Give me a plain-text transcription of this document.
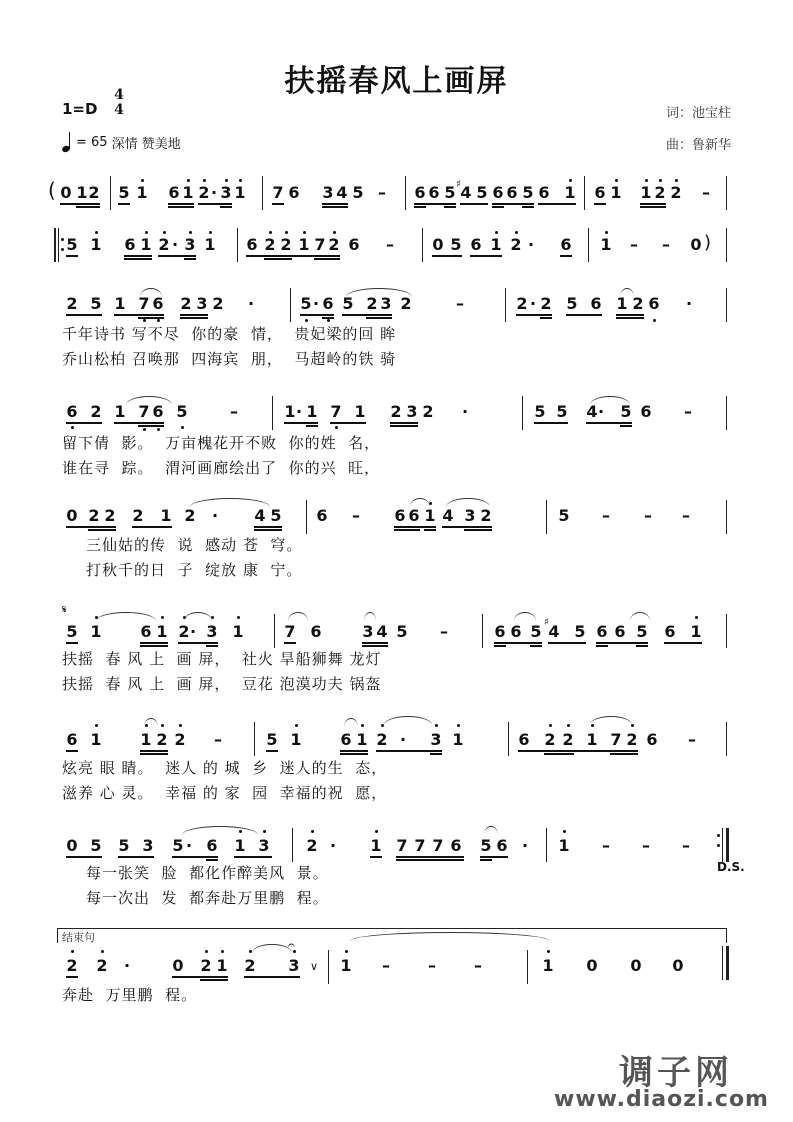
扶摇春风上画屏
1=D
4
4
= 65 深情 赞美地
词：池宝柱
曲：鲁新华
( 0 1 2 5 1 6 1 2 · 3 1 7 6 3 4 5 – 6 6 5 ♯ 4 5 6 6 5 6 1 6 1 1 2 2 –
5 1 6 1 2 · 3 1 6 2 2 1 7 2 6 – 0 5 6 1 2 · 6 1 – – 0 )
2 5 1 7 6 2 3 2 ·	5 · 6 5 2 3 2	–	2 · 2 5 6 1 2 6 ·
千年诗书 写不尽  你的豪  情，  贵妃梁的回 眸
乔山松柏 召唤那  四海宾  朋，  马超岭的铁 骑
6 2 1 7 6 5	–	1 · 1 7 1 2 3 2 ·	5 5 4 · 5 6 –
留下倩  影。  万亩槐花开不败  你的姓  名，
谁在寻  踪。  渭河画廊绘出了  你的兴  旺，
0 2 2 2 1 2 · 4 5 6 – 6 6 1 4 3 2	5 – – –
三仙姑的传  说  感动 苍  穹。
打秋千的日  子  绽放 康  宁。
𝄋
5 1 6 1 2 · 3 1	7 6	3 4 5 –	6 6 5 ♯ 4 5 6 6 5 6 1
扶摇  春 风 上  画 屏，  社火 旱船狮舞 龙灯
扶摇  春 风 上  画 屏，  豆花 泡漠功夫 锅盔
6 1 1 2 2 –	5 1 6 1 2 · 3 1	6 2 2 1 7 2 6 –
炫亮 眼 睛。  迷人 的 城  乡  迷人的生  态，
滋养 心 灵。  幸福 的 家  园  幸福的祝  愿，
0 5 5 3 5 · 6 1 3 2 · 1 7 7 7 6 5 6 · 1 – – –
D.S.
每一张笑  脸  都化作醉美风  景。
每一次出  发  都奔赴万里鹏  程。
结束句
2 2 ·	0 2 1 2 3
𝄐
∨ 1 – – –	1 0 0 0
奔赴  万里鹏  程。
调子网
www.diaozi.com
